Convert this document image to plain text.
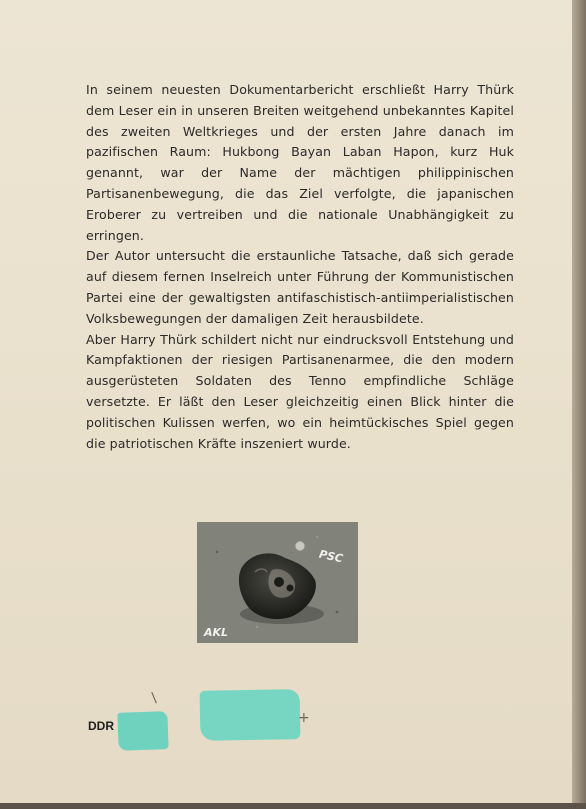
In seinem neuesten Dokumentarbericht erschließt Harry Thürk dem Leser ein in unseren Breiten weitgehend unbekanntes Kapitel des zweiten Weltkrieges und der ersten Jahre danach im pazifischen Raum: Hukbong Bayan Laban Hapon, kurz Huk genannt, war der Name der mächtigen philippinischen Partisanenbewegung, die das Ziel verfolgte, die japanischen Eroberer zu vertreiben und die nationale Unabhängigkeit zu erringen.

Der Autor untersucht die erstaunliche Tatsache, daß sich gerade auf diesem fernen Inselreich unter Führung der Kommunistischen Partei eine der gewaltigsten antifaschistisch-antiimperialistischen Volksbewegungen der damaligen Zeit herausbildete.

Aber Harry Thürk schildert nicht nur eindrucksvoll Entstehung und Kampfaktionen der riesigen Partisanenarmee, die den modern ausgerüsteten Soldaten des Tenno empfindliche Schläge versetzte. Er läßt den Leser gleichzeitig einen Blick hinter die politischen Kulissen werfen, wo ein heimtückisches Spiel gegen die patriotischen Kräfte inszeniert wurde.

PSC
AKL
DDR
/
+
